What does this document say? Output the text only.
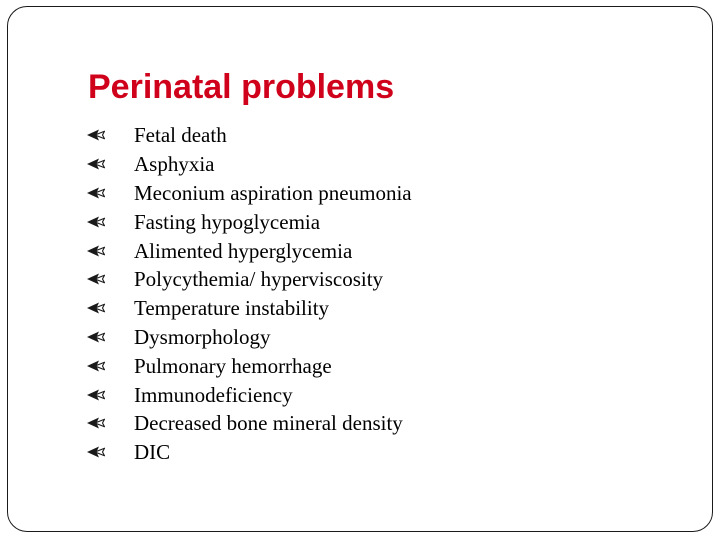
Perinatal problems
Fetal death
Asphyxia
Meconium aspiration pneumonia
Fasting hypoglycemia
Alimented hyperglycemia
Polycythemia/ hyperviscosity
Temperature instability
Dysmorphology
Pulmonary hemorrhage
Immunodeficiency
Decreased bone mineral density
DIC
